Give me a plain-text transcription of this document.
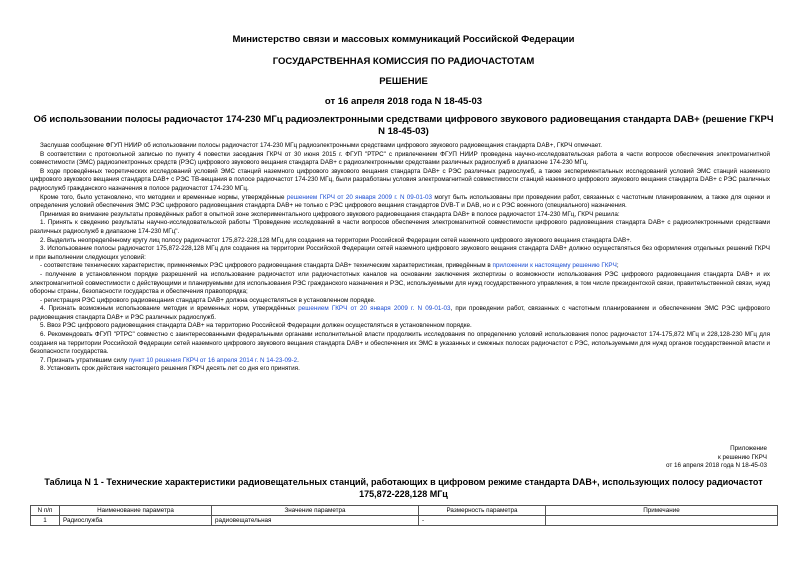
Министерство связи и массовых коммуникаций Российской Федерации
ГОСУДАРСТВЕННАЯ КОМИССИЯ ПО РАДИОЧАСТОТАМ
РЕШЕНИЕ
от 16 апреля 2018 года N 18-45-03
Об использовании полосы радиочастот 174-230 МГц радиоэлектронными средствами цифрового звукового радиовещания стандарта DAB+ (решение ГКРЧ N 18-45-03)

Заслушав сообщение ФГУП НИИР об использовании полосы радиочастот 174-230 МГц радиоэлектронными средствами цифрового звукового радиовещания стандарта DAB+, ГКРЧ отмечает.

В соответствии с протокольной записью по пункту 4 повестки заседания ГКРЧ от 30 июня 2015 г. ФГУП "РТРС" с привлечением ФГУП НИИР проведена научно-исследовательская работа в части вопросов обеспечения электромагнитной совместимости (ЭМС) радиоэлектронных средств (РЭС) цифрового звукового вещания стандарта DAB+ с радиоэлектронными средствами различных радиослужб в диапазоне 174-230 МГц.

В ходе проведённых теоретических исследований условий ЭМС станций наземного цифрового звукового вещания стандарта DAB+ с РЭС различных радиослужб, а также экспериментальных исследований условий ЭМС станций наземного цифрового звукового вещания стандарта DAB+ с РЭС ТВ-вещания в полосе радиочастот 174-230 МГц, были разработаны условия электромагнитной совместимости станций наземного цифрового звукового вещания стандарта DAB+ с РЭС различных радиослужб гражданского назначения в полосе радиочастот 174-230 МГц.

Кроме того, было установлено, что методики и временные нормы, утверждённые решением ГКРЧ от 20 января 2009 г. N 09-01-03 могут быть использованы при проведении работ, связанных с частотным планированием, а также для оценки и определения условий обеспечения ЭМС РЭС цифрового радиовещания стандарта DAB+ не только с РЭС цифрового вещания стандартов DVB-T и DAB, но и с РЭС военного (специального) назначения.

Принимая во внимание результаты проведённых работ в опытной зоне экспериментального цифрового звукового радиовещания стандарта DAB+ в полосе радиочастот 174-230 МГц, ГКРЧ решила:

1. Принять к сведению результаты научно-исследовательской работы "Проведение исследований в части вопросов обеспечения электромагнитной совместимости цифрового радиовещания стандарта DAB+ с радиоэлектронными средствами различных радиослужб в диапазоне 174-230 МГц".

2. Выделить неопределённому кругу лиц полосу радиочастот 175,872-228,128 МГц для создания на территории Российской Федерации сетей наземного цифрового звукового вещания стандарта DAB+.

3. Использование полосы радиочастот 175,872-228,128 МГц для создания на территории Российской Федерации сетей наземного цифрового звукового вещания стандарта DAB+ должно осуществляться без оформления отдельных решений ГКРЧ и при выполнении следующих условий:

- соответствие технических характеристик, применяемых РЭС цифрового радиовещания стандарта DAB+ техническим характеристикам, приведённым в приложении к настоящему решению ГКРЧ;

- получение в установленном порядке разрешений на использование радиочастот или радиочастотных каналов на основании заключения экспертизы о возможности использования РЭС цифрового радиовещания стандарта DAB+ и их электромагнитной совместимости с действующими и планируемыми для использования РЭС гражданского назначения и РЭС, используемыми для нужд государственного управления, в том числе президентской связи, правительственной связи, нужд обороны страны, безопасности государства и обеспечения правопорядка;

- регистрация РЭС цифрового радиовещания стандарта DAB+ должна осуществляться в установленном порядке.

4. Признать возможным использование методик и временных норм, утверждённых решением ГКРЧ от 20 января 2009 г. N 09-01-03, при проведении работ, связанных с частотным планированием и обеспечением ЭМС РЭС цифрового радиовещания стандарта DAB+ и РЭС различных радиослужб.

5. Ввоз РЭС цифрового радиовещания стандарта DAB+ на территорию Российской Федерации должен осуществляться в установленном порядке.

6. Рекомендовать ФГУП "РТРС" совместно с заинтересованными федеральными органами исполнительной власти продолжить исследования по определению условий использования полос радиочастот 174-175,872 МГц и 228,128-230 МГц для создания на территории Российской Федерации сетей наземного цифрового звукового вещания стандарта DAB+ и обеспечения их ЭМС в указанных и смежных полосах радиочастот с РЭС, используемыми для нужд органов государственной власти и безопасности государства.

7. Признать утратившим силу пункт 10 решения ГКРЧ от 16 апреля 2014 г. N 14-23-09-2.

8. Установить срок действия настоящего решения ГКРЧ десять лет со дня его принятия.

Приложение
к решению ГКРЧ
от 16 апреля 2018 года N 18-45-03
Таблица N 1 - Технические характеристики радиовещательных станций, работающих в цифровом режиме стандарта DAB+, использующих полосу радиочастот 175,872-228,128 МГц
N п/п	Наименование параметра	Значение параметра	Размерность параметра	Примечание
1	Радиослужба	радиовещательная	-	
